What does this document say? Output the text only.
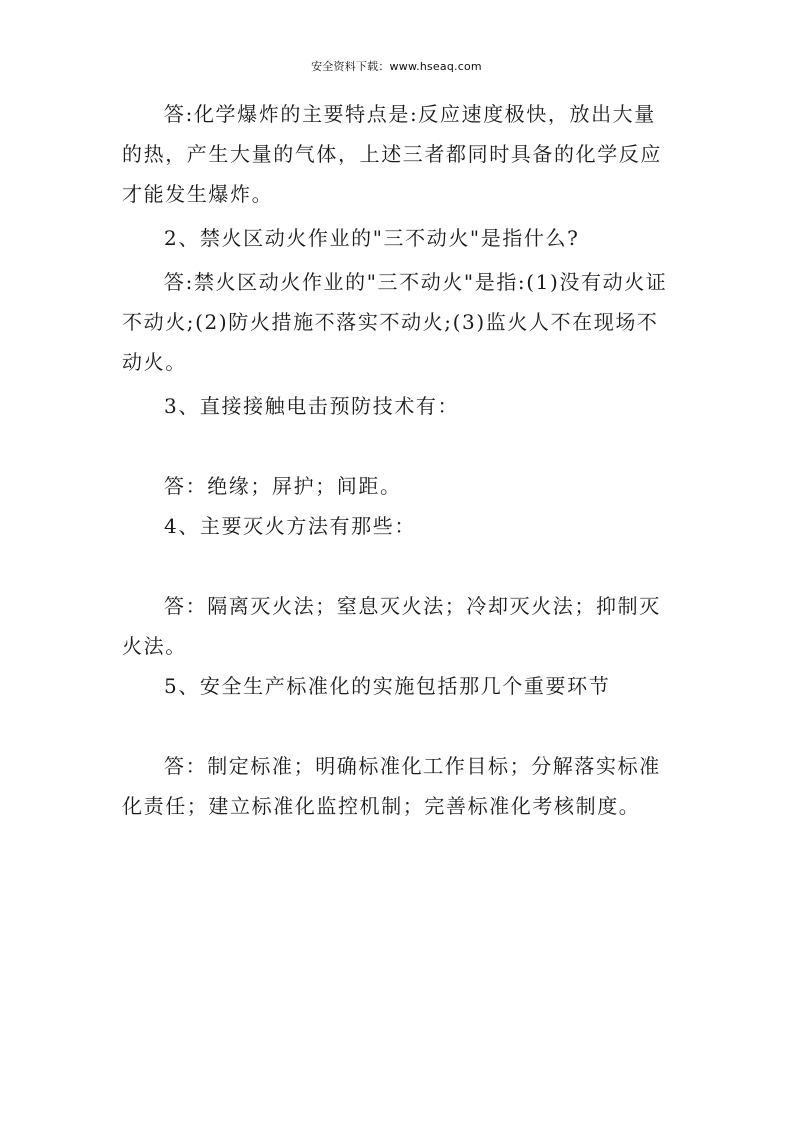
安全资料下载：www.hseaq.com

答:化学爆炸的主要特点是:反应速度极快，放出大量的热，产生大量的气体，上述三者都同时具备的化学反应才能发生爆炸。

2、禁火区动火作业的"三不动火"是指什么?

答:禁火区动火作业的"三不动火"是指:(1)没有动火证不动火;(2)防火措施不落实不动火;(3)监火人不在现场不动火。

3、直接接触电击预防技术有：

答：绝缘；屏护；间距。

4、主要灭火方法有那些：

答：隔离灭火法；窒息灭火法；冷却灭火法；抑制灭火法。

5、安全生产标准化的实施包括那几个重要环节

答：制定标准；明确标准化工作目标；分解落实标准化责任；建立标准化监控机制；完善标准化考核制度。
